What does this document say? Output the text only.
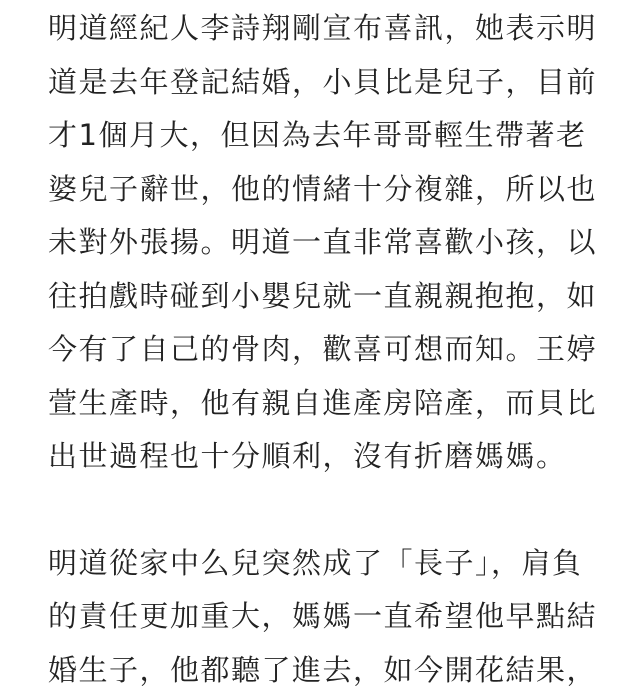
明道經紀人李詩翔剛宣布喜訊，她表示明
道是去年登記結婚，小貝比是兒子，目前
才1個月大，但因為去年哥哥輕生帶著老
婆兒子辭世，他的情緒十分複雜，所以也
未對外張揚。明道一直非常喜歡小孩，以
往拍戲時碰到小嬰兒就一直親親抱抱，如
今有了自己的骨肉，歡喜可想而知。王婷
萱生產時，他有親自進產房陪產，而貝比
出世過程也十分順利，沒有折磨媽媽。

明道從家中么兒突然成了「長子」，肩負
的責任更加重大，媽媽一直希望他早點結
婚生子，他都聽了進去，如今開花結果，
